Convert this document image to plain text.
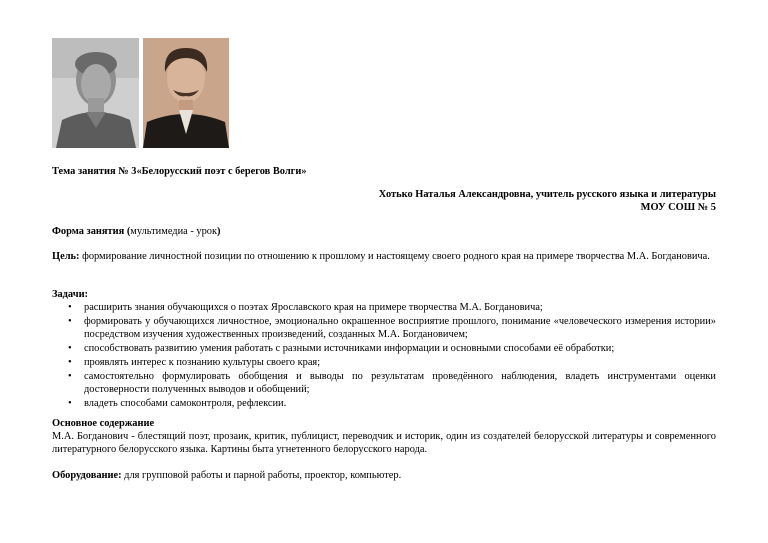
Тема занятия № 3«Белорусский поэт с берегов Волги»
Хотько Наталья Александровна, учитель русского языка и литературы
МОУ СОШ № 5
Форма занятия (мультимедиа - урок)
Цель: формирование личностной позиции по отношению к прошлому и настоящему своего родного края на примере творчества М.А. Богдановича.
Задачи:
• расширить знания обучающихся о поэтах Ярославского края на примере творчества М.А. Богдановича;
• формировать у обучающихся личностное, эмоционально окрашенное восприятие прошлого, понимание «человеческого измерения истории» посредством изучения художественных произведений, созданных М.А. Богдановичем;
• способствовать развитию умения работать с разными источниками информации и основными способами её обработки;
• проявлять интерес к познанию культуры своего края;
• самостоятельно формулировать обобщения и выводы по результатам проведённого наблюдения, владеть инструментами оценки достоверности полученных выводов и обобщений;
• владеть способами самоконтроля, рефлексии.
Основное содержание
М.А. Богданович - блестящий поэт, прозаик, критик, публицист, переводчик и историк, один из создателей белорусской литературы и современного литературного белорусского языка. Картины быта угнетенного белорусского народа.
Оборудование: для групповой работы и парной работы, проектор, компьютер.
